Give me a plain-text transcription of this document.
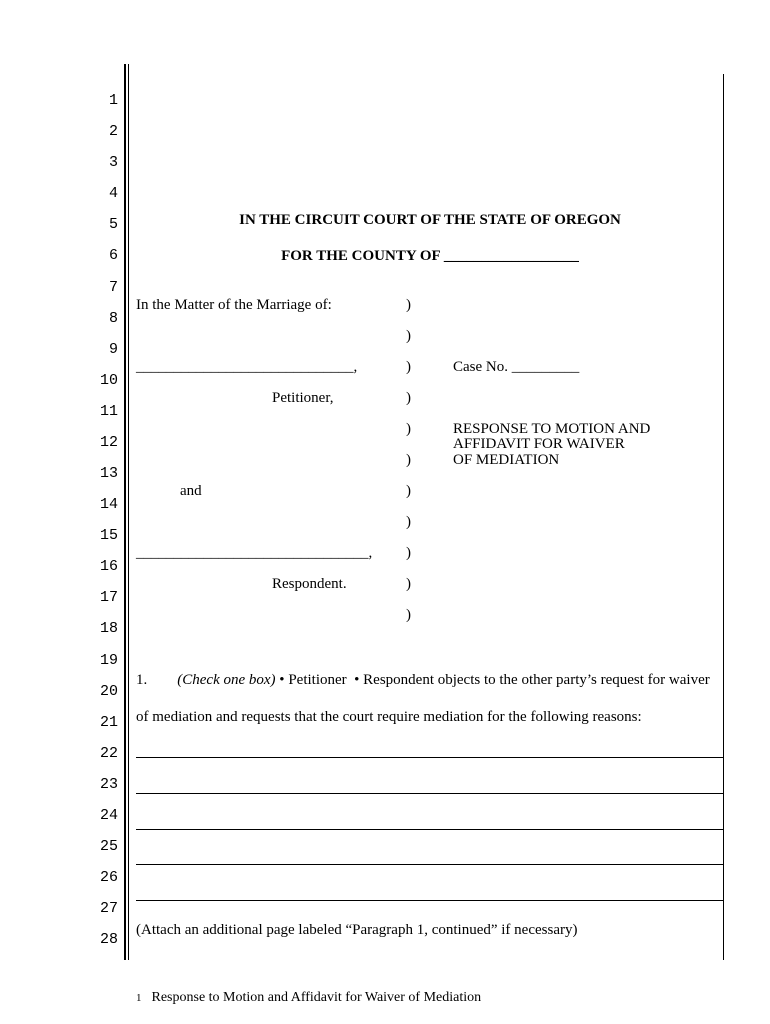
1
2
3
4
5
6
7
8
9
10
11
12
13
14
15
16
17
18
19
20
21
22
23
24
25
26
27
28
IN THE CIRCUIT COURT OF THE STATE OF OREGON
FOR THE COUNTY OF __________________
In the Matter of the Marriage of:
_____________________________,
Petitioner,
and
_______________________________,
Respondent.
)
)
)
)
)
)
)
)
)
)
)
Case No. _________
RESPONSE TO MOTION AND
AFFIDAVIT FOR WAIVER
OF MEDIATION
1. (Check one box) • Petitioner • Respondent objects to the other party’s request for waiver
of mediation and requests that the court require mediation for the following reasons:
(Attach an additional page labeled “Paragraph 1, continued” if necessary)
1 Response to Motion and Affidavit for Waiver of Mediation
